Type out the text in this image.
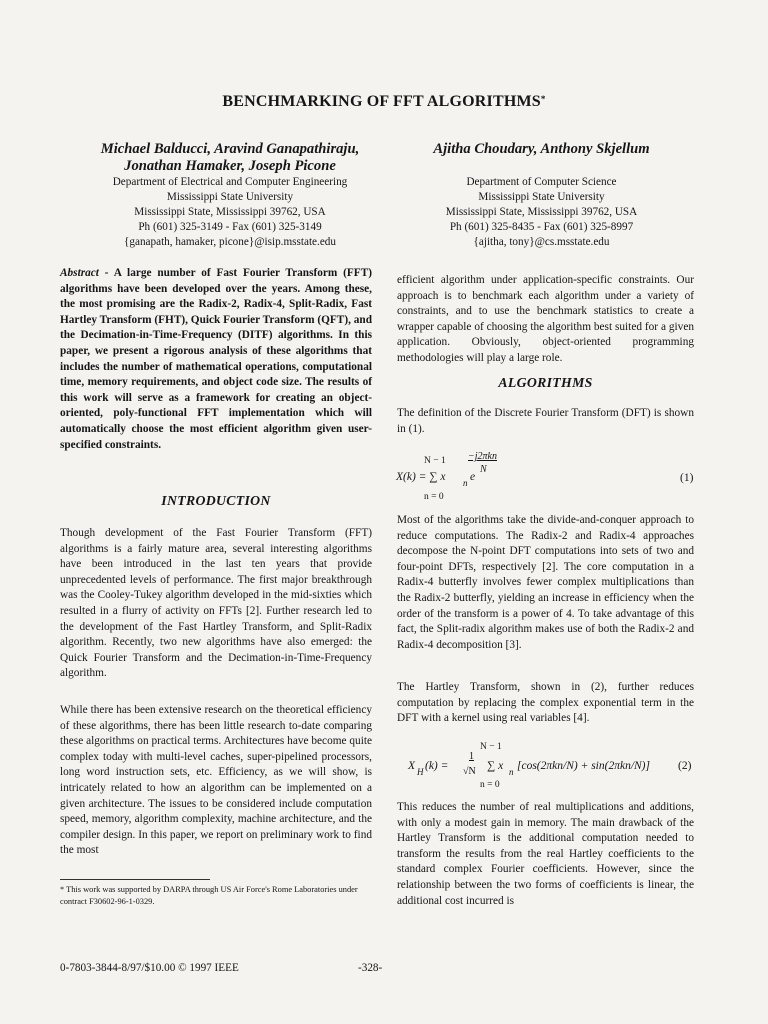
BENCHMARKING OF FFT ALGORITHMS*
Michael Balducci, Aravind Ganapathiraju,
Jonathan Hamaker, Joseph Picone
Department of Electrical and Computer Engineering
Mississippi State University
Mississippi State, Mississippi 39762, USA
Ph (601) 325-3149 - Fax (601) 325-3149
{ganapath, hamaker, picone}@isip.msstate.edu
Ajitha Choudary, Anthony Skjellum
Department of Computer Science
Mississippi State University
Mississippi State, Mississippi 39762, USA
Ph (601) 325-8435 - Fax (601) 325-8997
{ajitha, tony}@cs.msstate.edu
Abstract - A large number of Fast Fourier Transform (FFT) algorithms have been developed over the years. Among these, the most promising are the Radix-2, Radix-4, Split-Radix, Fast Hartley Transform (FHT), Quick Fourier Transform (QFT), and the Decimation-in-Time-Frequency (DITF) algorithms. In this paper, we present a rigorous analysis of these algorithms that includes the number of mathematical operations, computational time, memory requirements, and object code size. The results of this work will serve as a framework for creating an object-oriented, poly-functional FFT implementation which will automatically choose the most efficient algorithm given user-specified constraints.
INTRODUCTION
Though development of the Fast Fourier Transform (FFT) algorithms is a fairly mature area, several interesting algorithms have been introduced in the last ten years that provide unprecedented levels of performance. The first major breakthrough was the Cooley-Tukey algorithm developed in the mid-sixties which resulted in a flurry of activity on FFTs [2]. Further research led to the development of the Fast Hartley Transform, and Split-Radix algorithm. Recently, two new algorithms have also emerged: the Quick Fourier Transform and the Decimation-in-Time-Frequency algorithm.
While there has been extensive research on the theoretical efficiency of these algorithms, there has been little research to-date comparing these algorithms on practical terms. Architectures have become quite complex today with multi-level caches, super-pipelined processors, long word instruction sets, etc. Efficiency, as we will show, is intricately related to how an algorithm can be implemented on a given architecture. The issues to be considered include computation speed, memory, algorithm complexity, machine architecture, and the compiler design. In this paper, we report on preliminary work to find the most
* This work was supported by DARPA through US Air Force's Rome Laboratories under contract F30602-96-1-0329.
efficient algorithm under application-specific constraints. Our approach is to benchmark each algorithm under a variety of constraints, and to use the benchmark statistics to create a wrapper capable of choosing the algorithm best suited for a given application. Obviously, object-oriented programming methodologies will play a large role.
ALGORITHMS
The definition of the Discrete Fourier Transform (DFT) is shown in (1).
N − 1 −j2πkn
N
X(k) = ∑ x n e
n = 0
(1)
Most of the algorithms take the divide-and-conquer approach to reduce computations. The Radix-2 and Radix-4 approaches decompose the N-point DFT computations into sets of two and four-point DFTs, respectively [2]. The core computation in a Radix-4 butterfly involves fewer complex multiplications than the Radix-2 butterfly, yielding an increase in efficiency when the order of the transform is a power of 4. To take advantage of this fact, the Split-radix algorithm makes use of both the Radix-2 and Radix-4 decomposition [3].
The Hartley Transform, shown in (2), further reduces computation by replacing the complex exponential term in the DFT with a kernel using real variables [4].
N − 1
X H (k) =
1
√N ∑ x n [cos(2πkn/N) + sin(2πkn/N)]
n = 0
(2)
This reduces the number of real multiplications and additions, with only a modest gain in memory. The main drawback of the Hartley Transform is the additional computation needed to transform the results from the real Hartley coefficients to the standard complex Fourier coefficients. However, since the relationship between the two forms of coefficients is linear, the additional cost incurred is
0-7803-3844-8/97/$10.00 © 1997 IEEE	-328-
